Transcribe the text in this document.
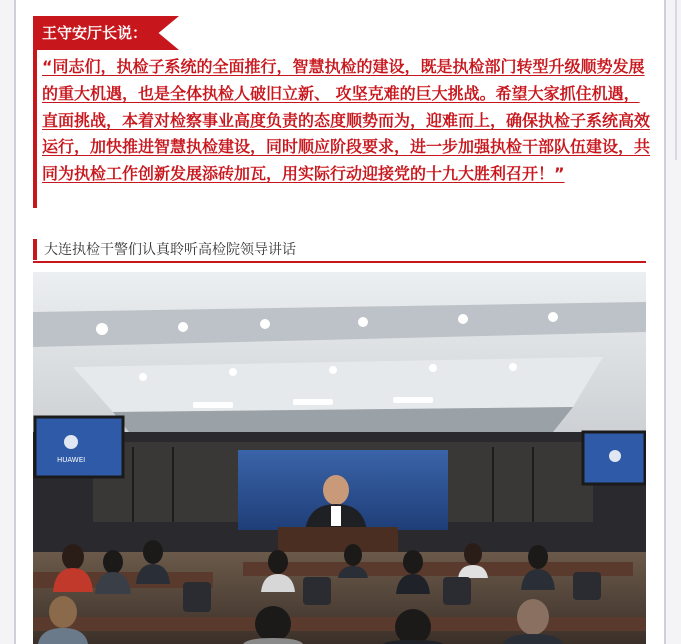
王守安厅长说：
“同志们，执检子系统的全面推行，智慧执检的建设，既是执检部门转型升级顺势发展的重大机遇，也是全体执检人破旧立新、 攻坚克难的巨大挑战。希望大家抓住机遇，直面挑战，本着对检察事业高度负责的态度顺势而为，迎难而上，确保执检子系统高效运行，加快推进智慧执检建设，同时顺应阶段要求，进一步加强执检干部队伍建设，共同为执检工作创新发展添砖加瓦，用实际行动迎接党的十九大胜利召开！”
大连执检干警们认真聆听高检院领导讲话
HUAWEI
